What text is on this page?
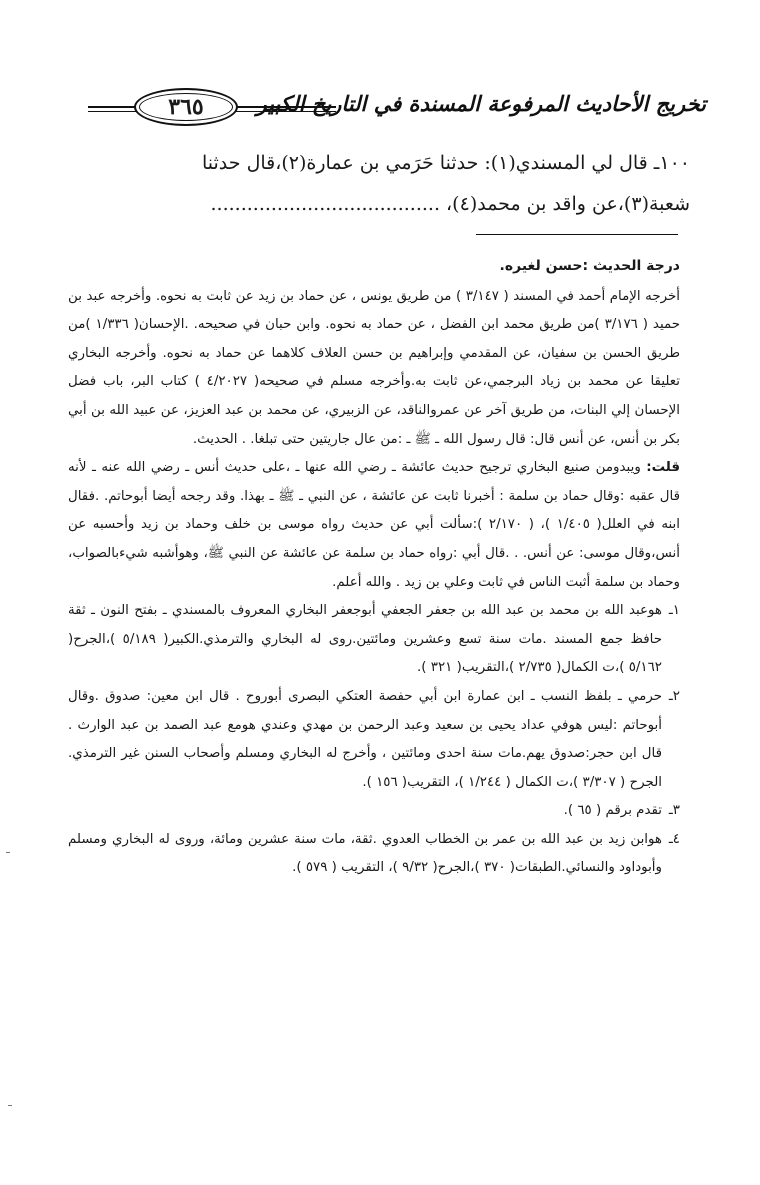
تخريج الأحاديث المرفوعة المسندة في التاريخ الكبير
٣٦٥

١٠٠ـ قال لي المسندي(١): حدثنا حَرَمي بن عمارة(٢)،قال حدثنا

شعبة(٣)،عن واقد بن محمد(٤)، ......................................

درجة الحديث :حسن لغيره.

أخرجه الإمام أحمد في المسند ( ٣/١٤٧ ) من طريق يونس ، عن حماد بن زيد عن ثابت به نحوه. وأخرجه عبد بن حميد ( ٣/١٧٦ )من طريق محمد ابن الفضل ، عن حماد به نحوه. وابن حبان في صحيحه. .الإحسان( ١/٣٣٦ )من طريق الحسن بن سفيان، عن المقدمي وإبراهيم بن حسن العلاف كلاهما عن حماد به نحوه. وأخرجه البخاري تعليقا عن محمد بن زياد البرجمي،عن ثابت به.وأخرجه مسلم في صحيحه( ٤/٢٠٢٧ ) كتاب البر، باب فضل الإحسان إلي البنات، من طريق آخر عن عمروالناقد، عن الزبيري، عن محمد بن عبد العزيز، عن عبيد الله بن أبي بكر بن أنس، عن أنس قال: قال رسول الله ـ ﷺ ـ :من عال جاريتين حتى تبلغا. . الحديث.

قلت: ويبدومن صنيع البخاري ترجيح حديث عائشة ـ رضي الله عنها ـ ،على حديث أنس ـ رضي الله عنه ـ لأنه قال عقبه :وقال حماد بن سلمة : أخبرنا ثابت عن عائشة ، عن النبي ـ ﷺ ـ بهذا. وقد رجحه أيضا أبوحاتم. .فقال ابنه في العلل( ١/٤٠٥ )، ( ٢/١٧٠ ):سألت أبي عن حديث رواه موسى بن خلف وحماد بن زيد وأحسبه عن أنس،وقال موسى: عن أنس. . .قال أبي :رواه حماد بن سلمة عن عائشة عن النبي ﷺ، وهوأشبه شيءبالصواب، وحماد بن سلمة أثبت الناس في ثابت وعلي بن زيد . والله أعلم.

١ـهوعبد الله بن محمد بن عبد الله بن جعفر الجعفي أبوجعفر البخاري المعروف بالمسندي ـ بفتح النون ـ ثقة حافظ جمع المسند .مات سنة تسع وعشرين ومائتين.روى له البخاري والترمذي.الكبير( ٥/١٨٩ )،الجرح( ٥/١٦٢ )،ت الكمال( ٢/٧٣٥ )،التقريب( ٣٢١ ).

٢ـحرمي ـ بلفظ النسب ـ ابن عمارة ابن أبي حفصة العتكي البصرى أبوروح . قال ابن معين: صدوق .وقال أبوحاتم :ليس هوفي عداد يحيى بن سعيد وعبد الرحمن بن مهدي وعندي هومع عبد الصمد بن عبد الوارث . قال ابن حجر:صدوق يهم.مات سنة احدى ومائتين ، وأخرج له البخاري ومسلم وأصحاب السنن غير الترمذي. الجرح ( ٣/٣٠٧ )،ت الكمال ( ١/٢٤٤ )، التقريب( ١٥٦ ).

٣ـتقدم برقم ( ٦٥ ).

٤ـهوابن زيد بن عبد الله بن عمر بن الخطاب العدوي .ثقة، مات سنة عشرين ومائة، وروى له البخاري ومسلم وأبوداود والنسائي.الطبقات( ٣٧٠ )،الجرح( ٩/٣٢ )، التقريب ( ٥٧٩ ).
